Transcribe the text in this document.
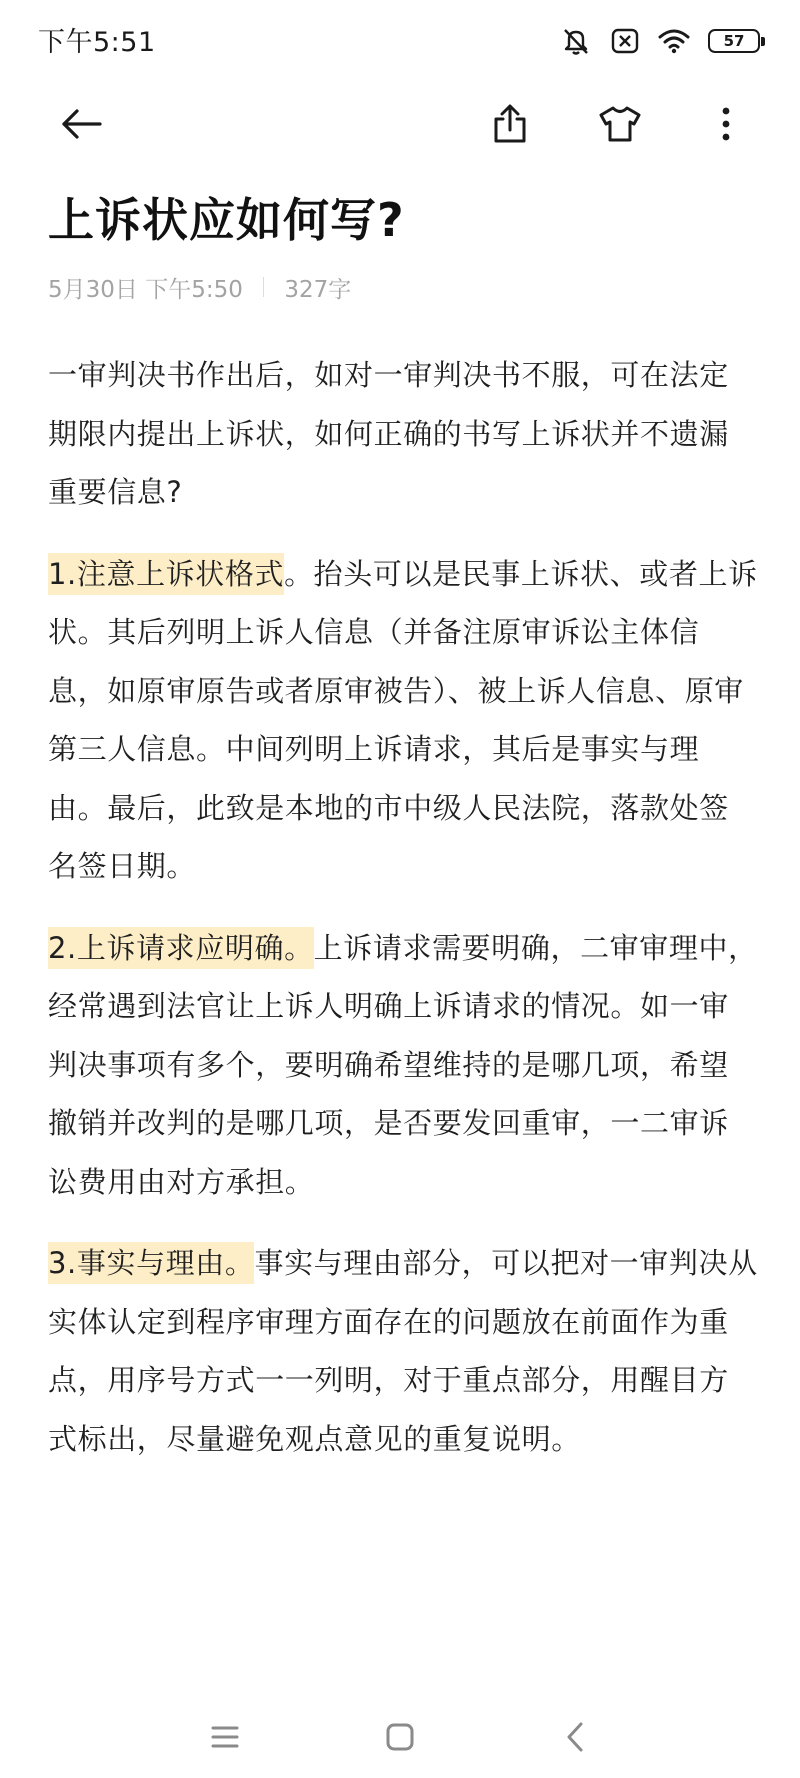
下午5:51	57
上诉状应如何写?
5月30日 下午5:50 327字

一审判决书作出后，如对一审判决书不服，可在法定期限内提出上诉状，如何正确的书写上诉状并不遗漏重要信息?

1.注意上诉状格式。抬头可以是民事上诉状、或者上诉状。其后列明上诉人信息（并备注原审诉讼主体信息，如原审原告或者原审被告）、被上诉人信息、原审第三人信息。中间列明上诉请求，其后是事实与理由。最后，此致是本地的市中级人民法院，落款处签名签日期。

2.上诉请求应明确。上诉请求需要明确，二审审理中，经常遇到法官让上诉人明确上诉请求的情况。如一审判决事项有多个，要明确希望维持的是哪几项，希望撤销并改判的是哪几项，是否要发回重审，一二审诉讼费用由对方承担。

3.事实与理由。事实与理由部分，可以把对一审判决从实体认定到程序审理方面存在的问题放在前面作为重点，用序号方式一一列明，对于重点部分，用醒目方式标出，尽量避免观点意见的重复说明。
